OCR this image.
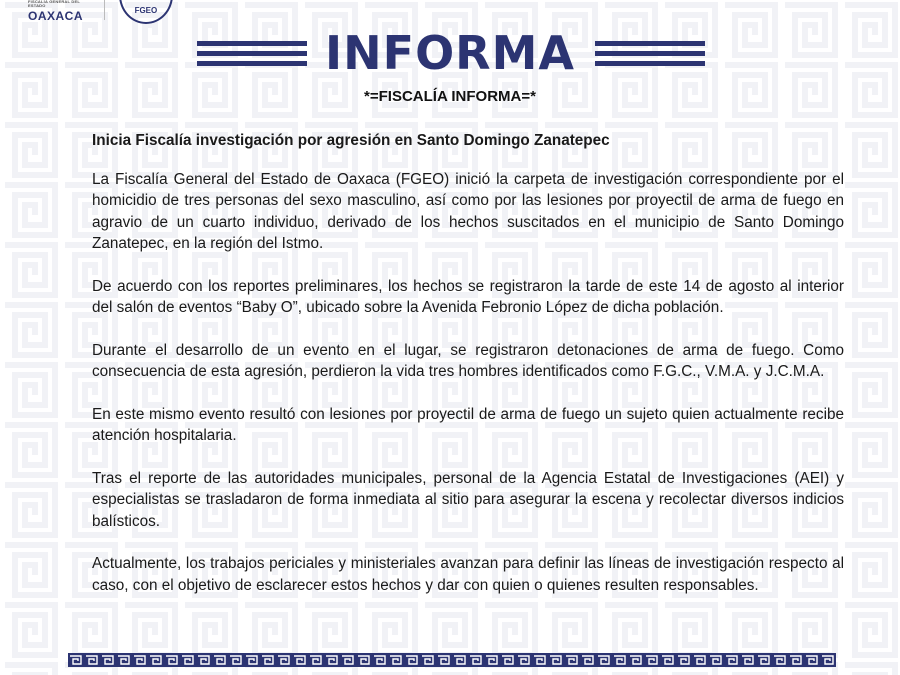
FISCALÍA GENERAL DEL ESTADO
OAXACA	FGEO
INFORMA
*=FISCALÍA INFORMA=*
Inicia Fiscalía investigación por agresión en Santo Domingo Zanatepec

La Fiscalía General del Estado de Oaxaca (FGEO) inició la carpeta de investigación correspondiente por el homicidio de tres personas del sexo masculino, así como por las lesiones por proyectil de arma de fuego en agravio de un cuarto individuo, derivado de los hechos suscitados en el municipio de Santo Domingo Zanatepec, en la región del Istmo.

De acuerdo con los reportes preliminares, los hechos se registraron la tarde de este 14 de agosto al interior del salón de eventos “Baby O”, ubicado sobre la Avenida Febronio López de dicha población.

Durante el desarrollo de un evento en el lugar, se registraron detonaciones de arma de fuego. Como consecuencia de esta agresión, perdieron la vida tres hombres identificados como F.G.C., V.M.A. y J.C.M.A.

En este mismo evento resultó con lesiones por proyectil de arma de fuego un sujeto quien actualmente recibe atención hospitalaria.

Tras el reporte de las autoridades municipales, personal de la Agencia Estatal de Investigaciones (AEI) y especialistas se trasladaron de forma inmediata al sitio para asegurar la escena y recolectar diversos indicios balísticos.

Actualmente, los trabajos periciales y ministeriales avanzan para definir las líneas de investigación respecto al caso, con el objetivo de esclarecer estos hechos y dar con quien o quienes resulten responsables.
